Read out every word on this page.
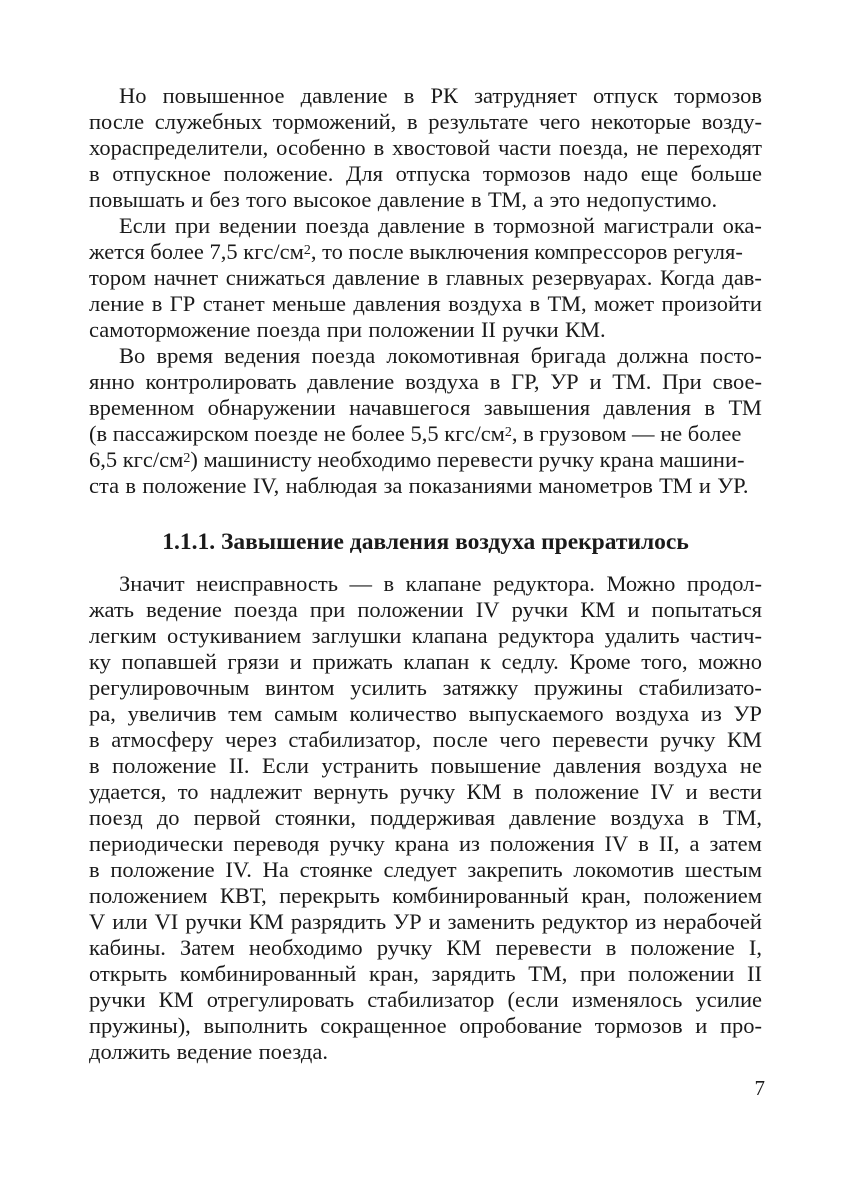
Но повышенное давление в РК затрудняет отпуск тормозов
после служебных торможений, в результате чего некоторые возду-
хораспределители, особенно в хвостовой части поезда, не переходят
в отпускное положение. Для отпуска тормозов надо еще больше
повышать и без того высокое давление в ТМ, а это недопустимо.
Если при ведении поезда давление в тормозной магистрали ока-
жется более 7,5 кгс/$см^2$, то после выключения компрессоров регуля-
тором начнет снижаться давление в главных резервуарах. Когда дав-
ление в ГР станет меньше давления воздуха в ТМ, может произойти
самоторможение поезда при положении II ручки КМ.
Во время ведения поезда локомотивная бригада должна посто-
янно контролировать давление воздуха в ГР, УР и ТМ. При свое-
временном обнаружении начавшегося завышения давления в ТМ
(в пассажирском поезде не более 5,5 кгс/$см^2$, в грузовом — не более
6,5 кгс/$см^2$) машинисту необходимо перевести ручку крана машини-
ста в положение IV, наблюдая за показаниями манометров ТМ и УР.
1.1.1. Завышение давления воздуха прекратилось
Значит неисправность — в клапане редуктора. Можно продол-
жать ведение поезда при положении IV ручки КМ и попытаться
легким остукиванием заглушки клапана редуктора удалить частич-
ку попавшей грязи и прижать клапан к седлу. Кроме того, можно
регулировочным винтом усилить затяжку пружины стабилизато-
ра, увеличив тем самым количество выпускаемого воздуха из УР
в атмосферу через стабилизатор, после чего перевести ручку КМ
в положение II. Если устранить повышение давления воздуха не
удается, то надлежит вернуть ручку КМ в положение IV и вести
поезд до первой стоянки, поддерживая давление воздуха в ТМ,
периодически переводя ручку крана из положения IV в II, а затем
в положение IV. На стоянке следует закрепить локомотив шестым
положением КВТ, перекрыть комбинированный кран, положением
V или VI ручки КМ разрядить УР и заменить редуктор из нерабочей
кабины. Затем необходимо ручку КМ перевести в положение I,
открыть комбинированный кран, зарядить ТМ, при положении II
ручки КМ отрегулировать стабилизатор (если изменялось усилие
пружины), выполнить сокращенное опробование тормозов и про-
должить ведение поезда.
7
